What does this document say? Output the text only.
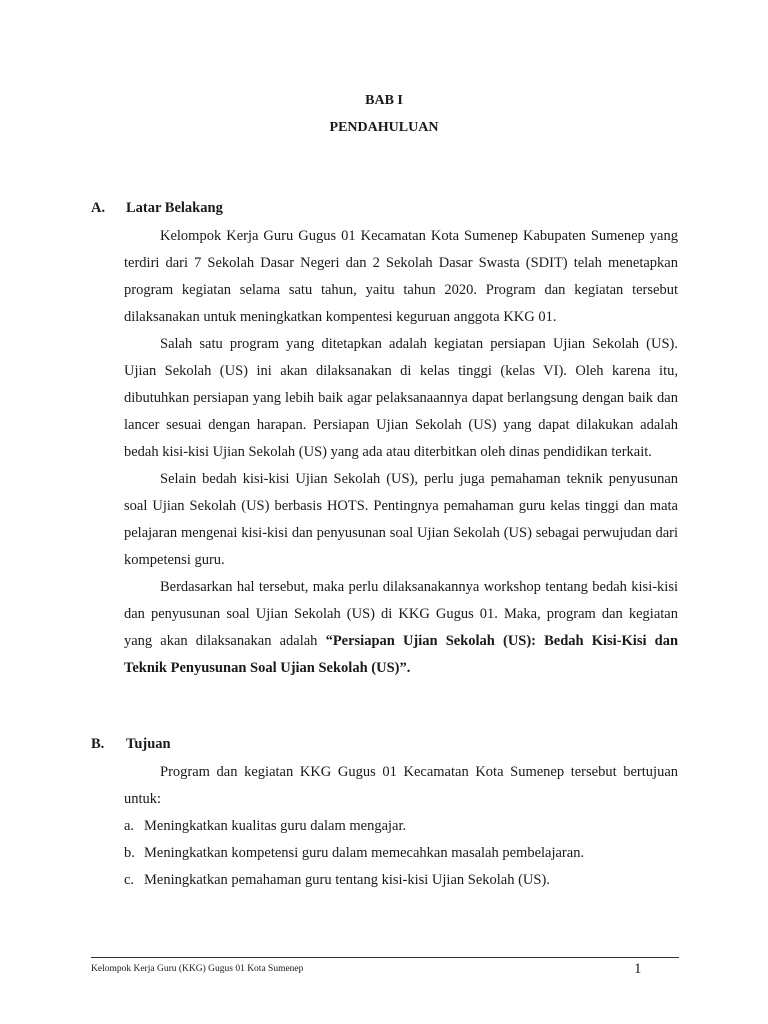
BAB I
PENDAHULUAN
A. Latar Belakang

Kelompok Kerja Guru Gugus 01 Kecamatan Kota Sumenep Kabupaten Sumenep yang terdiri dari 7 Sekolah Dasar Negeri dan 2 Sekolah Dasar Swasta (SDIT) telah menetapkan program kegiatan selama satu tahun, yaitu tahun 2020. Program dan kegiatan tersebut dilaksanakan untuk meningkatkan kompentesi keguruan anggota KKG 01.

Salah satu program yang ditetapkan adalah kegiatan persiapan Ujian Sekolah (US). Ujian Sekolah (US) ini akan dilaksanakan di kelas tinggi (kelas VI). Oleh karena itu, dibutuhkan persiapan yang lebih baik agar pelaksanaannya dapat berlangsung dengan baik dan lancer sesuai dengan harapan. Persiapan Ujian Sekolah (US) yang dapat dilakukan adalah bedah kisi-kisi Ujian Sekolah (US) yang ada atau diterbitkan oleh dinas pendidikan terkait.

Selain bedah kisi-kisi Ujian Sekolah (US), perlu juga pemahaman teknik penyusunan soal Ujian Sekolah (US) berbasis HOTS. Pentingnya pemahaman guru kelas tinggi dan mata pelajaran mengenai kisi-kisi dan penyusunan soal Ujian Sekolah (US) sebagai perwujudan dari kompetensi guru.

Berdasarkan hal tersebut, maka perlu dilaksanakannya workshop tentang bedah kisi-kisi dan penyusunan soal Ujian Sekolah (US) di KKG Gugus 01. Maka, program dan kegiatan yang akan dilaksanakan adalah “Persiapan Ujian Sekolah (US): Bedah Kisi-Kisi dan Teknik Penyusunan Soal Ujian Sekolah (US)”.

B. Tujuan

Program dan kegiatan KKG Gugus 01 Kecamatan Kota Sumenep tersebut bertujuan untuk:

a. Meningkatkan kualitas guru dalam mengajar.
b. Meningkatkan kompetensi guru dalam memecahkan masalah pembelajaran.
c. Meningkatkan pemahaman guru tentang kisi-kisi Ujian Sekolah (US).
Kelompok Kerja Guru (KKG) Gugus 01 Kota Sumenep	1
